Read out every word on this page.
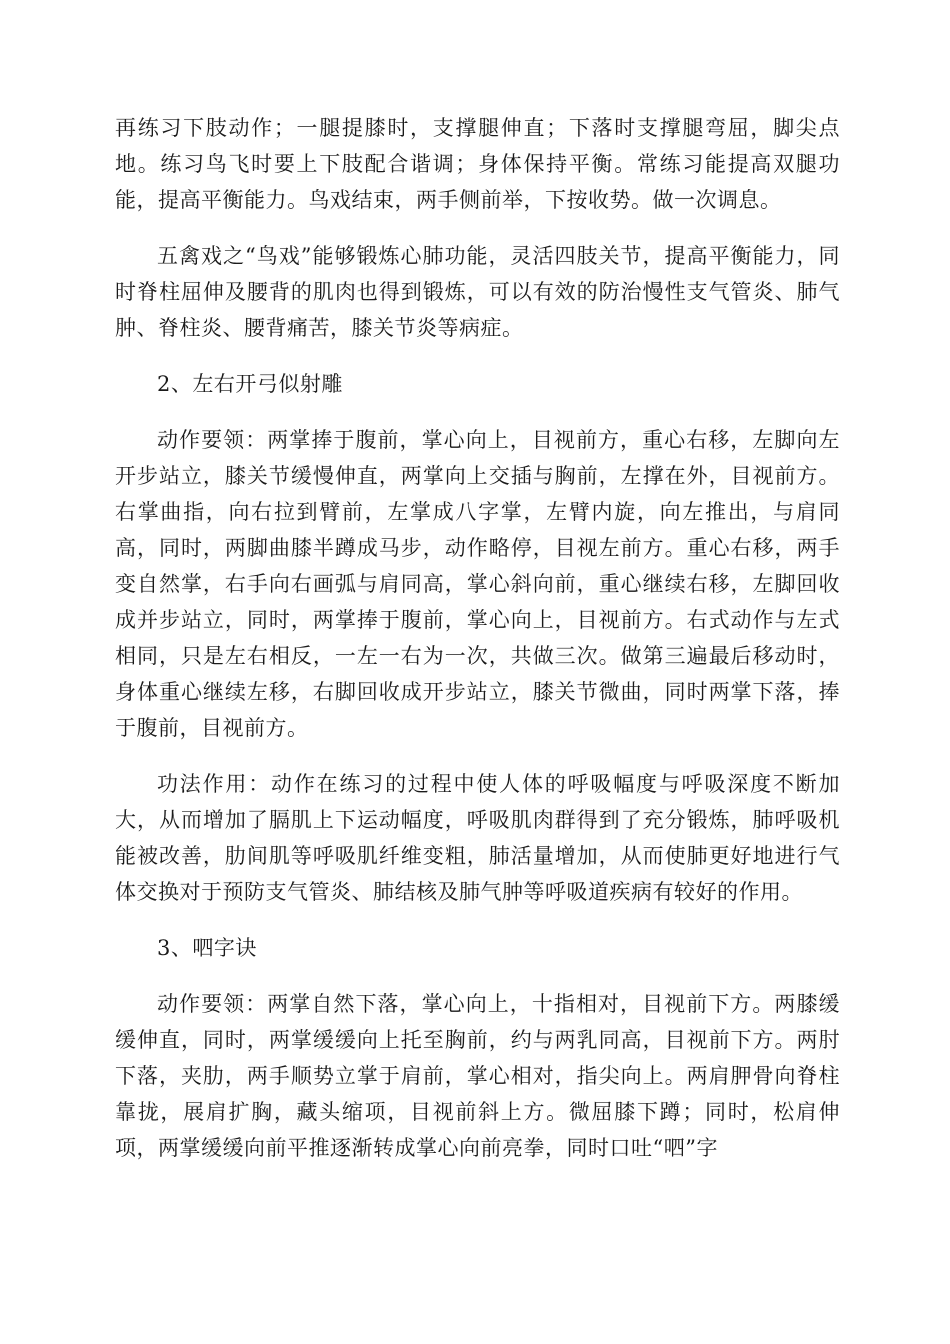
再练习下肢动作；一腿提膝时，支撑腿伸直；下落时支撑腿弯屈，脚尖点地。练习鸟飞时要上下肢配合谐调；身体保持平衡。常练习能提高双腿功能，提高平衡能力。鸟戏结束，两手侧前举，下按收势。做一次调息。

五禽戏之“鸟戏”能够锻炼心肺功能，灵活四肢关节，提高平衡能力，同时脊柱屈伸及腰背的肌肉也得到锻炼，可以有效的防治慢性支气管炎、肺气肿、脊柱炎、腰背痛苦，膝关节炎等病症。

2、左右开弓似射雕

动作要领：两掌捧于腹前，掌心向上，目视前方，重心右移，左脚向左开步站立，膝关节缓慢伸直，两掌向上交插与胸前，左撑在外，目视前方。右掌曲指，向右拉到臂前，左掌成八字掌，左臂内旋，向左推出，与肩同高，同时，两脚曲膝半蹲成马步，动作略停，目视左前方。重心右移，两手变自然掌，右手向右画弧与肩同高，掌心斜向前，重心继续右移，左脚回收成并步站立，同时，两掌捧于腹前，掌心向上，目视前方。右式动作与左式相同，只是左右相反，一左一右为一次，共做三次。做第三遍最后移动时，身体重心继续左移，右脚回收成开步站立，膝关节微曲，同时两掌下落，捧于腹前，目视前方。

功法作用：动作在练习的过程中使人体的呼吸幅度与呼吸深度不断加大，从而增加了膈肌上下运动幅度，呼吸肌肉群得到了充分锻炼，肺呼吸机能被改善，肋间肌等呼吸肌纤维变粗，肺活量增加，从而使肺更好地进行气体交换对于预防支气管炎、肺结核及肺气肿等呼吸道疾病有较好的作用。

3、呬字诀

动作要领：两掌自然下落，掌心向上，十指相对，目视前下方。两膝缓缓伸直，同时，两掌缓缓向上托至胸前，约与两乳同高，目视前下方。两肘下落，夹肋，两手顺势立掌于肩前，掌心相对，指尖向上。两肩胛骨向脊柱靠拢，展肩扩胸，藏头缩项，目视前斜上方。微屈膝下蹲；同时，松肩伸项，两掌缓缓向前平推逐渐转成掌心向前亮拳，同时口吐“呬”字
